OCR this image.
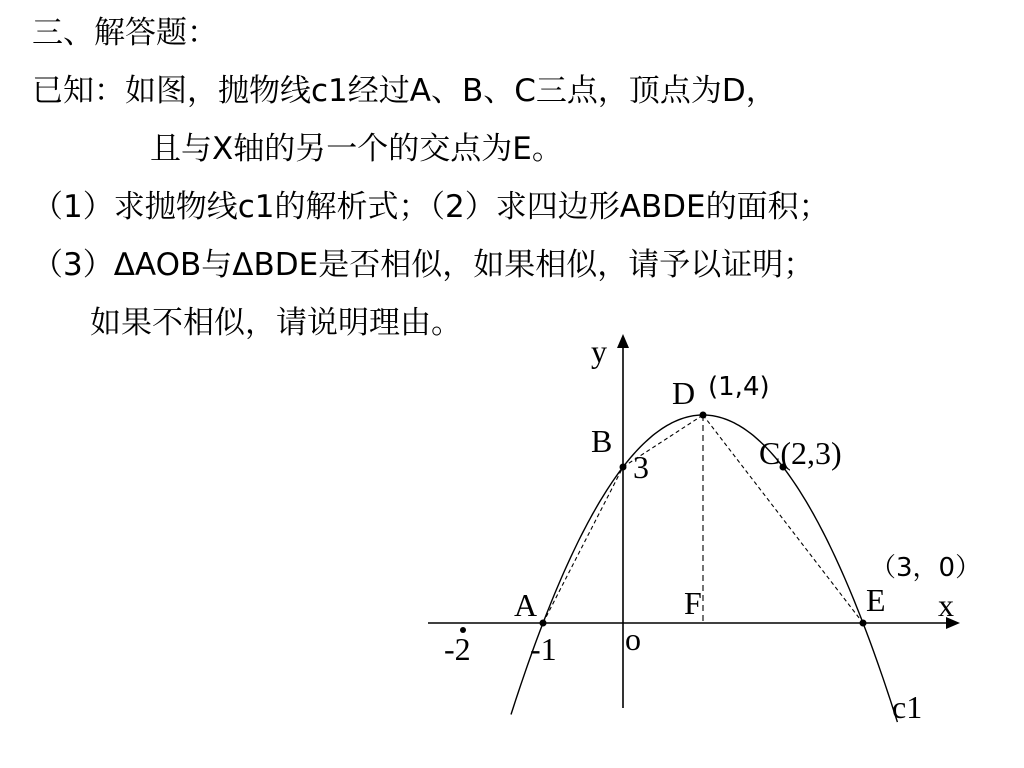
三、解答题：
已知：如图，抛物线c1经过A、B、C三点，顶点为D，
且与X轴的另一个的交点为E。
（1）求抛物线c1的解析式；（2）求四边形ABDE的面积；
（3）ΔAOB与ΔBDE是否相似，如果相似，请予以证明；
如果不相似，请说明理由。
y
x
o
c1
A
-1
-2
B
3	C(2,3)
D (1,4)
E
（3，0）
F
